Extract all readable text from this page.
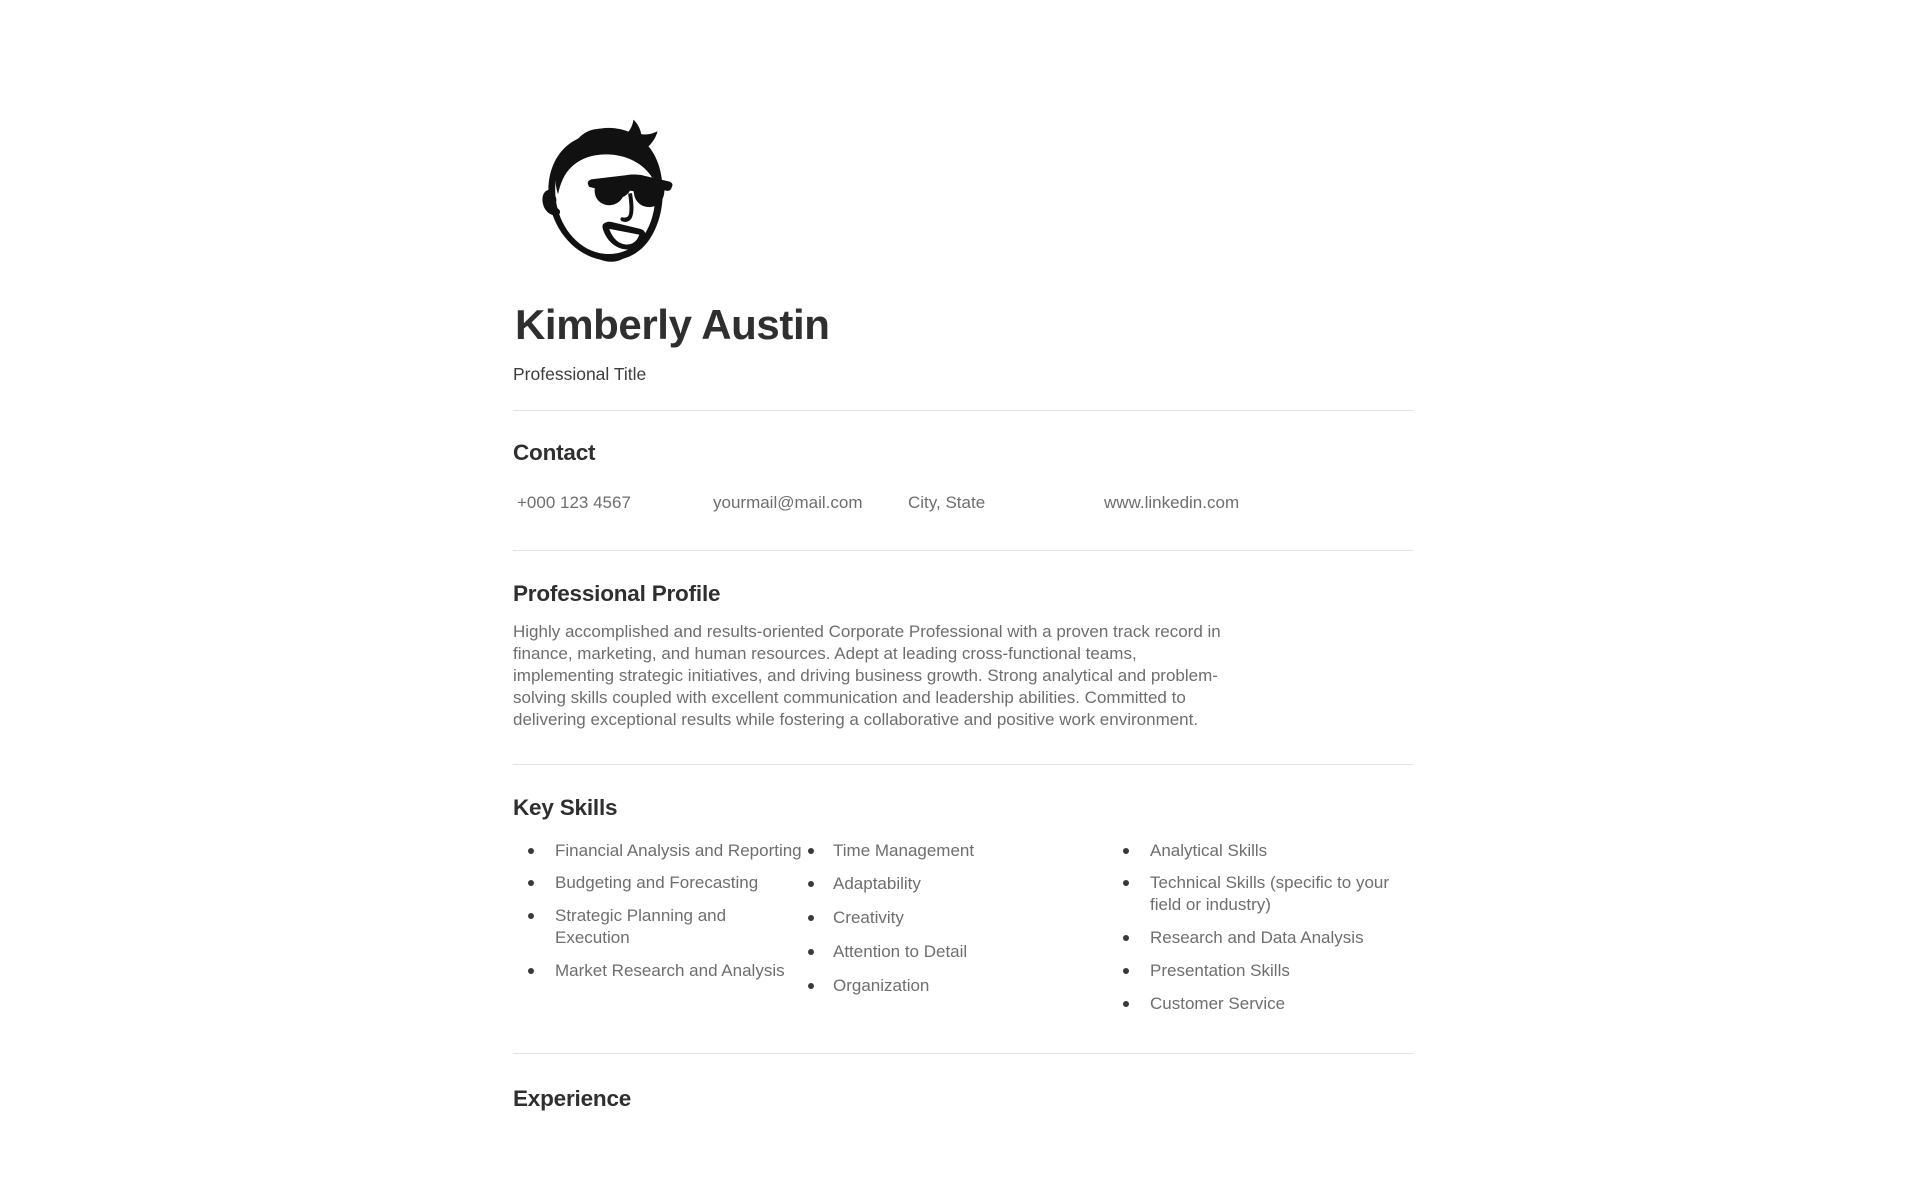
Kimberly Austin
Professional Title
Contact
+000 123 4567	yourmail@mail.com	City, State	www.linkedin.com
Professional Profile

Highly accomplished and results-oriented Corporate Professional with a proven track record in finance, marketing, and human resources. Adept at leading cross-functional teams, implementing strategic initiatives, and driving business growth. Strong analytical and problem-solving skills coupled with excellent communication and leadership abilities. Committed to delivering exceptional results while fostering a collaborative and positive work environment.

Key Skills
Financial Analysis and Reporting
Budgeting and Forecasting
Strategic Planning and Execution
Market Research and Analysis
Time Management
Adaptability
Creativity
Attention to Detail
Organization
Analytical Skills
Technical Skills (specific to your field or industry)
Research and Data Analysis
Presentation Skills
Customer Service
Experience
